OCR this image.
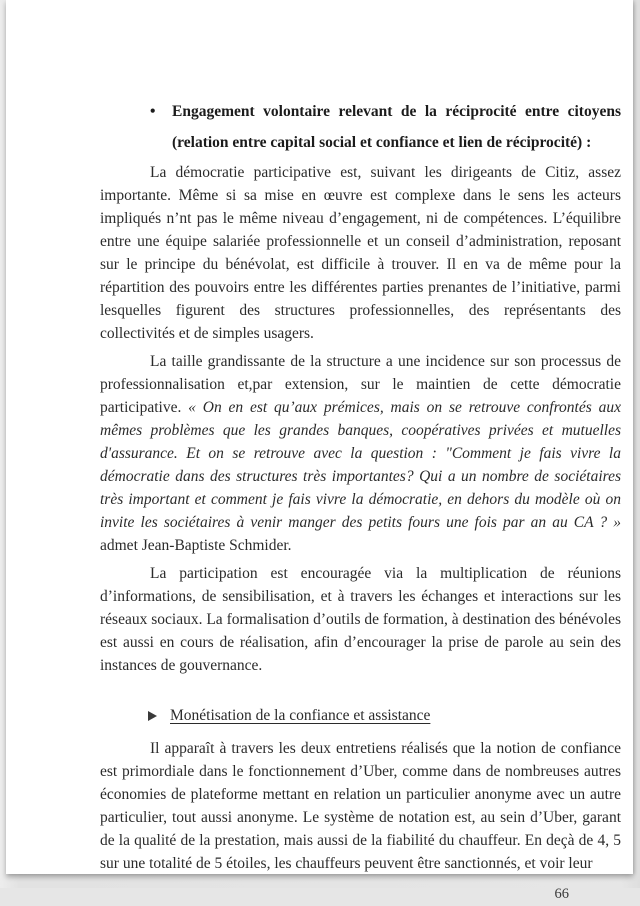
•	Engagement volontaire relevant de la réciprocité entre citoyens (relation entre capital social et confiance et lien de réciprocité) :

La démocratie participative est, suivant les dirigeants de Citiz, assez importante. Même si sa mise en œuvre est complexe dans le sens les acteurs impliqués n’nt pas le même niveau d’engagement, ni de compétences. L’équilibre entre une équipe salariée professionnelle et un conseil d’administration, reposant sur le principe du bénévolat, est difficile à trouver. Il en va de même pour la répartition des pouvoirs entre les différentes parties prenantes de l’initiative, parmi lesquelles figurent des structures professionnelles, des représentants des collectivités et de simples usagers.

La taille grandissante de la structure a une incidence sur son processus de professionnalisation et,par extension, sur le maintien de cette démocratie participative. « On en est qu’aux prémices, mais on se retrouve confrontés aux mêmes problèmes que les grandes banques, coopératives privées et mutuelles d'assurance. Et on se retrouve avec la question : "Comment je fais vivre la démocratie dans des structures très importantes? Qui a un nombre de sociétaires très important et comment je fais vivre la démocratie, en dehors du modèle où on invite les sociétaires à venir manger des petits fours une fois par an au CA ? » admet Jean-Baptiste Schmider.

La participation est encouragée via la multiplication de réunions d’informations, de sensibilisation, et à travers les échanges et interactions sur les réseaux sociaux. La formalisation d’outils de formation, à destination des bénévoles est aussi en cours de réalisation, afin d’encourager la prise de parole au sein des instances de gouvernance.

Monétisation de la confiance et assistance

Il apparaît à travers les deux entretiens réalisés que la notion de confiance est primordiale dans le fonctionnement d’Uber, comme dans de nombreuses autres économies de plateforme mettant en relation un particulier anonyme avec un autre particulier, tout aussi anonyme. Le système de notation est, au sein d’Uber, garant de la qualité de la prestation, mais aussi de la fiabilité du chauffeur. En deçà de 4, 5 sur une totalité de 5 étoiles, les chauffeurs peuvent être sanctionnés, et voir leur

66
